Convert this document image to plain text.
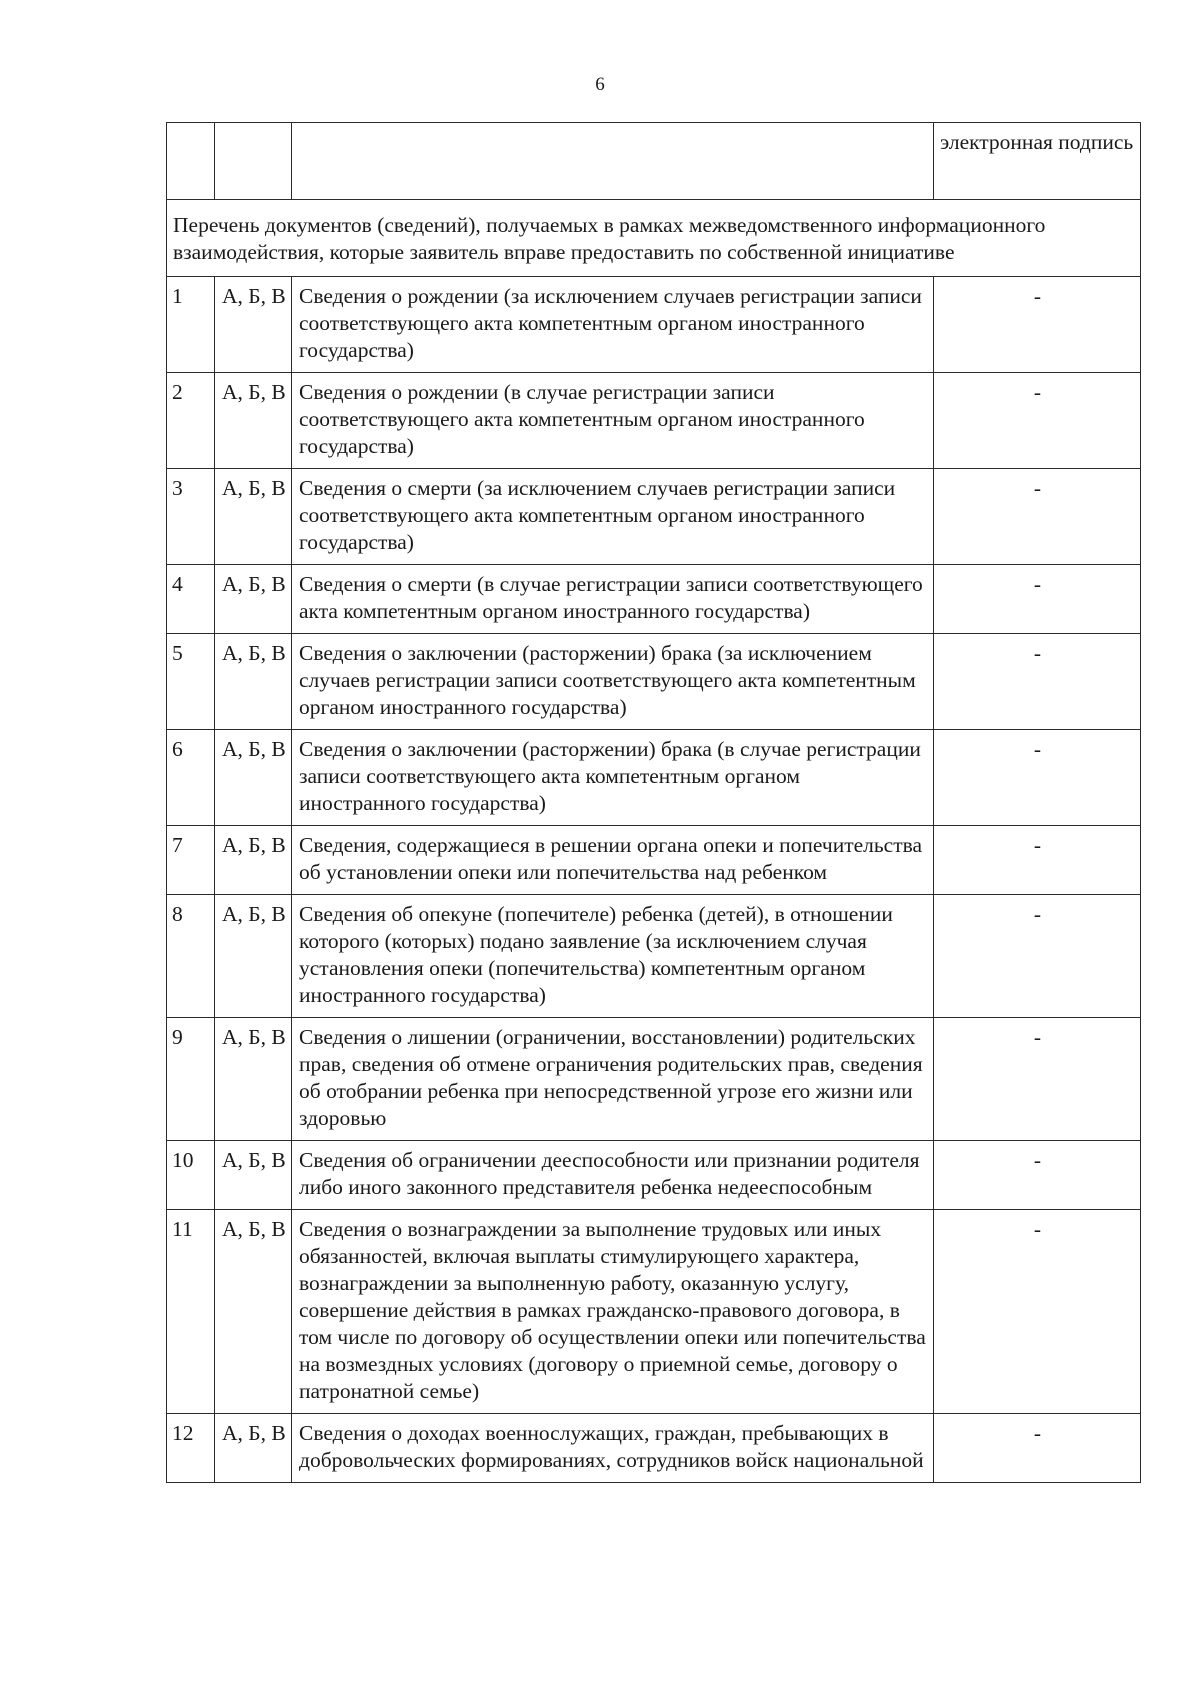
6
			электронная подпись
Перечень документов (сведений), получаемых в рамках межведомственного информационного взаимодействия, которые заявитель вправе предоставить по собственной инициативе			
1	А, Б, В	Сведения о рождении (за исключением случаев регистрации записи соответствующего акта компетентным органом иностранного государства)	-
2	А, Б, В	Сведения о рождении (в случае регистрации записи соответствующего акта компетентным органом иностранного государства)	-
3	А, Б, В	Сведения о смерти (за исключением случаев регистрации записи соответствующего акта компетентным органом иностранного государства)	-
4	А, Б, В	Сведения о смерти (в случае регистрации записи соответствующего акта компетентным органом иностранного государства)	-
5	А, Б, В	Сведения о заключении (расторжении) брака (за исключением случаев регистрации записи соответствующего акта компетентным органом иностранного государства)	-
6	А, Б, В	Сведения о заключении (расторжении) брака (в случае регистрации записи соответствующего акта компетентным органом иностранного государства)	-
7	А, Б, В	Сведения, содержащиеся в решении органа опеки и попечительства об установлении опеки или попечительства над ребенком	-
8	А, Б, В	Сведения об опекуне (попечителе) ребенка (детей), в отношении которого (которых) подано заявление (за исключением случая установления опеки (попечительства) компетентным органом иностранного государства)	-
9	А, Б, В	Сведения о лишении (ограничении, восстановлении) родительских прав, сведения об отмене ограничения родительских прав, сведения об отобрании ребенка при непосредственной угрозе его жизни или здоровью	-
10	А, Б, В	Сведения об ограничении дееспособности или признании родителя либо иного законного представителя ребенка недееспособным	-
11	А, Б, В	Сведения о вознаграждении за выполнение трудовых или иных обязанностей, включая выплаты стимулирующего характера, вознаграждении за выполненную работу, оказанную услугу, совершение действия в рамках гражданско-правового договора, в том числе по договору об осуществлении опеки или попечительства на возмездных условиях (договору о приемной семье, договору о патронатной семье)	-
12	А, Б, В	Сведения о доходах военнослужащих, граждан, пребывающих в добровольческих формированиях, сотрудников войск национальной	-
